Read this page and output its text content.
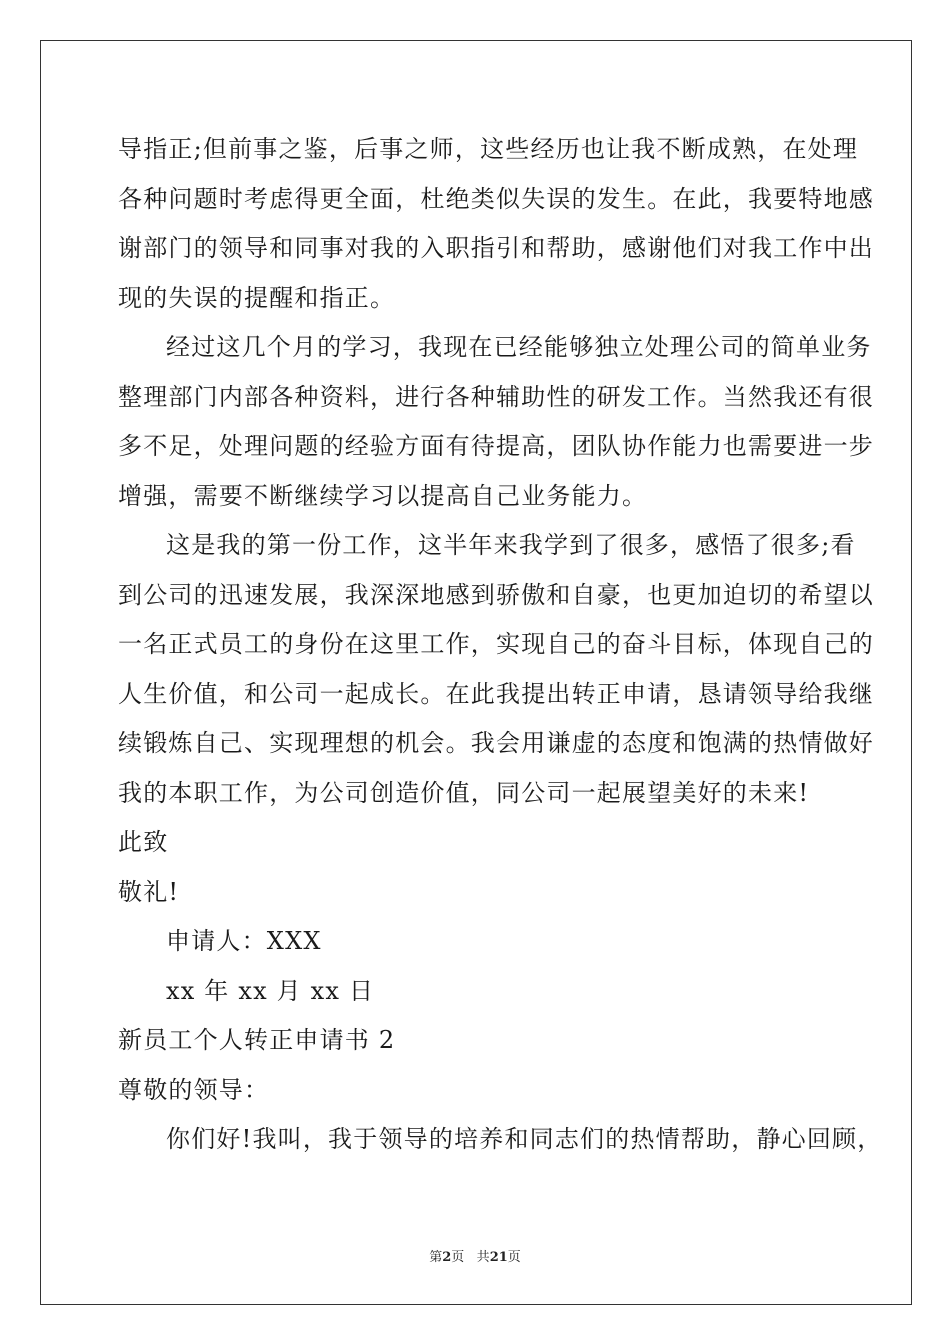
导指正;但前事之鉴，后事之师，这些经历也让我不断成熟，在处理
各种问题时考虑得更全面，杜绝类似失误的发生。在此，我要特地感
谢部门的领导和同事对我的入职指引和帮助，感谢他们对我工作中出
现的失误的提醒和指正。
经过这几个月的学习，我现在已经能够独立处理公司的简单业务
整理部门内部各种资料，进行各种辅助性的研发工作。当然我还有很
多不足，处理问题的经验方面有待提高，团队协作能力也需要进一步
增强，需要不断继续学习以提高自己业务能力。
这是我的第一份工作，这半年来我学到了很多，感悟了很多;看
到公司的迅速发展，我深深地感到骄傲和自豪，也更加迫切的希望以
一名正式员工的身份在这里工作，实现自己的奋斗目标，体现自己的
人生价值，和公司一起成长。在此我提出转正申请，恳请领导给我继
续锻炼自己、实现理想的机会。我会用谦虚的态度和饱满的热情做好
我的本职工作，为公司创造价值，同公司一起展望美好的未来!
此致
敬礼!
申请人：XXX
xx 年 xx 月 xx 日
新员工个人转正申请书 2
尊敬的领导：
你们好!我叫，我于领导的培养和同志们的热情帮助，静心回顾，
第2页 共21页
